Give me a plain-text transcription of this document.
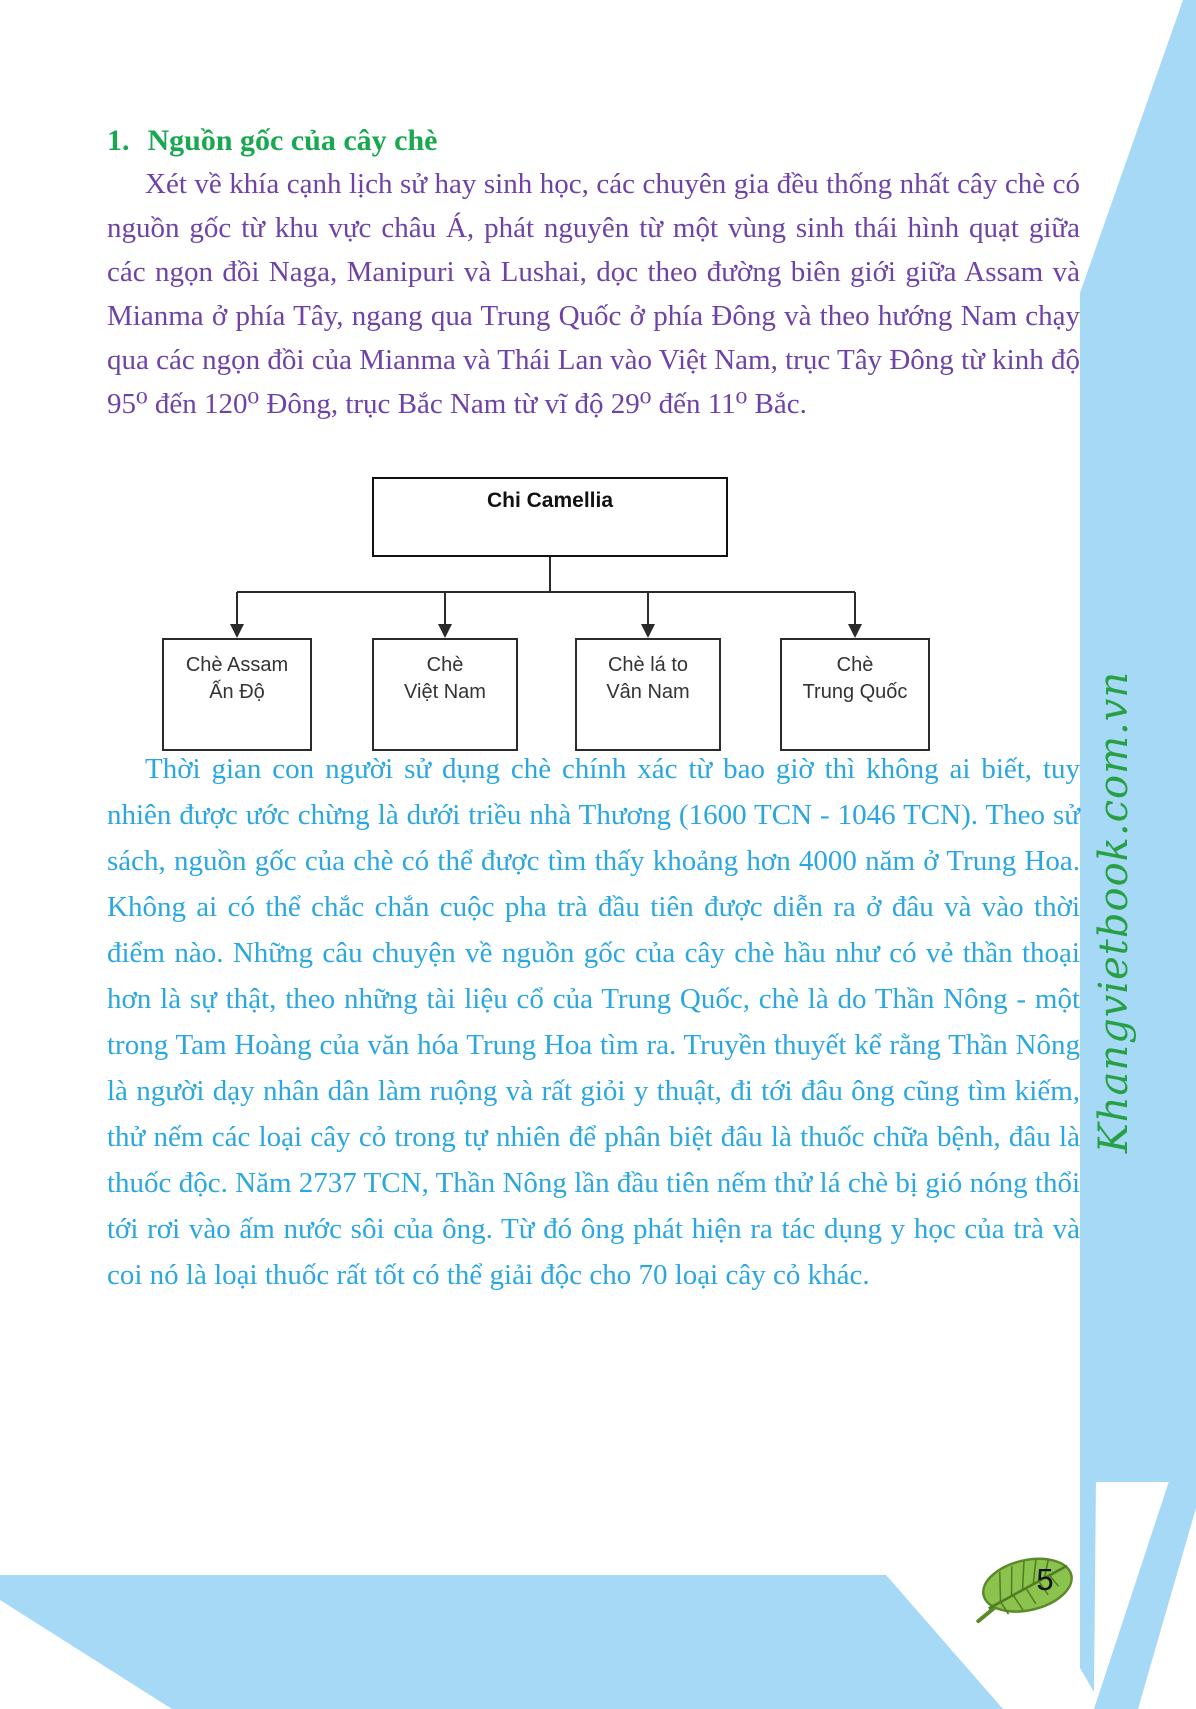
1. Nguồn gốc của cây chè
Xét về khía cạnh lịch sử hay sinh học, các chuyên gia đều thống nhất cây chè có nguồn gốc từ khu vực châu Á, phát nguyên từ một vùng sinh thái hình quạt giữa các ngọn đồi Naga, Manipuri và Lushai, dọc theo đường biên giới giữa Assam và Mianma ở phía Tây, ngang qua Trung Quốc ở phía Đông và theo hướng Nam chạy qua các ngọn đồi của Mianma và Thái Lan vào Việt Nam, trục Tây Đông từ kinh độ 95⁰ đến 120⁰ Đông, trục Bắc Nam từ vĩ độ 29⁰ đến 11⁰ Bắc.
Chi Camellia
Chè Assam
Ấn Độ
Chè
Việt Nam
Chè lá to
Vân Nam
Chè
Trung Quốc
Thời gian con người sử dụng chè chính xác từ bao giờ thì không ai biết, tuy nhiên được ước chừng là dưới triều nhà Thương (1600 TCN - 1046 TCN). Theo sử sách, nguồn gốc của chè có thể được tìm thấy khoảng hơn 4000 năm ở Trung Hoa. Không ai có thể chắc chắn cuộc pha trà đầu tiên được diễn ra ở đâu và vào thời điểm nào. Những câu chuyện về nguồn gốc của cây chè hầu như có vẻ thần thoại hơn là sự thật, theo những tài liệu cổ của Trung Quốc, chè là do Thần Nông - một trong Tam Hoàng của văn hóa Trung Hoa tìm ra. Truyền thuyết kể rằng Thần Nông là người dạy nhân dân làm ruộng và rất giỏi y thuật, đi tới đâu ông cũng tìm kiếm, thử nếm các loại cây cỏ trong tự nhiên để phân biệt đâu là thuốc chữa bệnh, đâu là thuốc độc. Năm 2737 TCN, Thần Nông lần đầu tiên nếm thử lá chè bị gió nóng thổi tới rơi vào ấm nước sôi của ông. Từ đó ông phát hiện ra tác dụng y học của trà và coi nó là loại thuốc rất tốt có thể giải độc cho 70 loại cây cỏ khác.
Khangvietbook.com.vn
5
